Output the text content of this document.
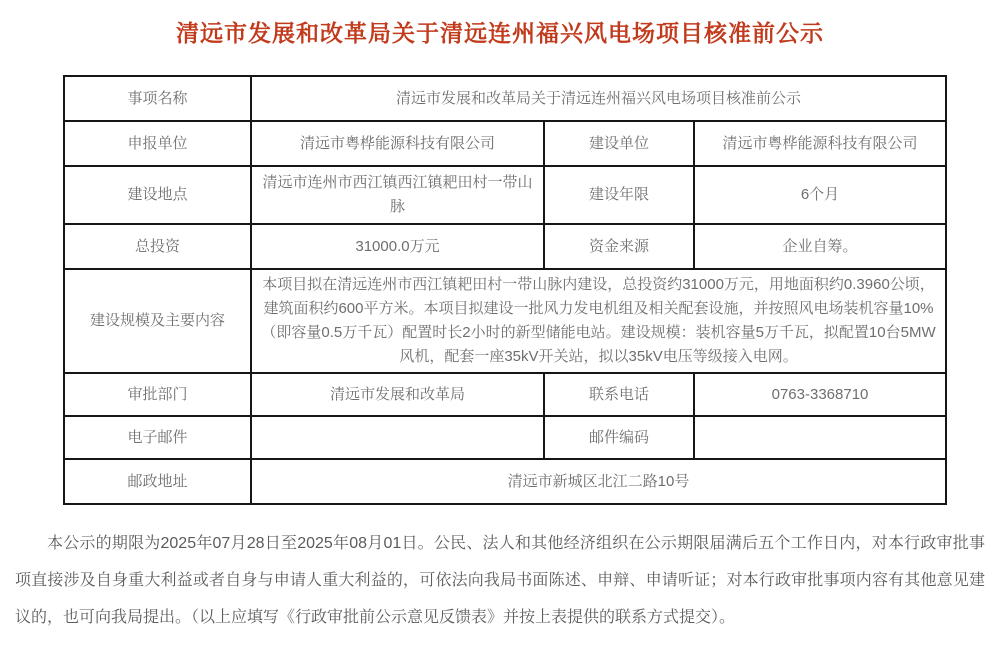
清远市发展和改革局关于清远连州福兴风电场项目核准前公示
事项名称	清远市发展和改革局关于清远连州福兴风电场项目核准前公示		
申报单位	清远市粤桦能源科技有限公司	建设单位	清远市粤桦能源科技有限公司
建设地点	清远市连州市西江镇西江镇耙田村一带山脉	建设年限	6个月
总投资	31000.0万元	资金来源	企业自筹。
建设规模及主要内容	本项目拟在清远连州市西江镇耙田村一带山脉内建设，总投资约31000万元，用地面积约0.3960公顷，建筑面积约600平方米。本项目拟建设一批风力发电机组及相关配套设施，并按照风电场装机容量10%（即容量0.5万千瓦）配置时长2小时的新型储能电站。建设规模：装机容量5万千瓦，拟配置10台5MW风机，配套一座35kV开关站，拟以35kV电压等级接入电网。		
审批部门	清远市发展和改革局	联系电话	0763-3368710
电子邮件		邮件编码	
邮政地址	清远市新城区北江二路10号		

本公示的期限为2025年07月28日至2025年08月01日。公民、法人和其他经济组织在公示期限届满后五个工作日内，对本行政审批事项直接涉及自身重大利益或者自身与申请人重大利益的，可依法向我局书面陈述、申辩、申请听证；对本行政审批事项内容有其他意见建议的，也可向我局提出。（以上应填写《行政审批前公示意见反馈表》并按上表提供的联系方式提交）。
